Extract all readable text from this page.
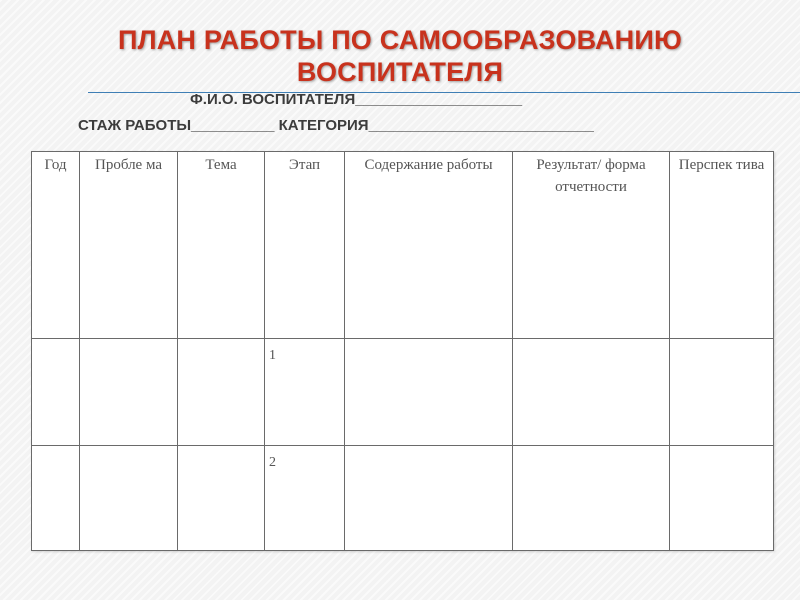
ПЛАН РАБОТЫ ПО САМООБРАЗОВАНИЮ
ВОСПИТАТЕЛЯ
Ф.И.О. ВОСПИТАТЕЛЯ____________________
СТАЖ РАБОТЫ__________ КАТЕГОРИЯ___________________________
Год	Пробле ма	Тема	Этап	Содержание работы	Результат/ форма отчетности	Перспек тива
			1			
			2			
